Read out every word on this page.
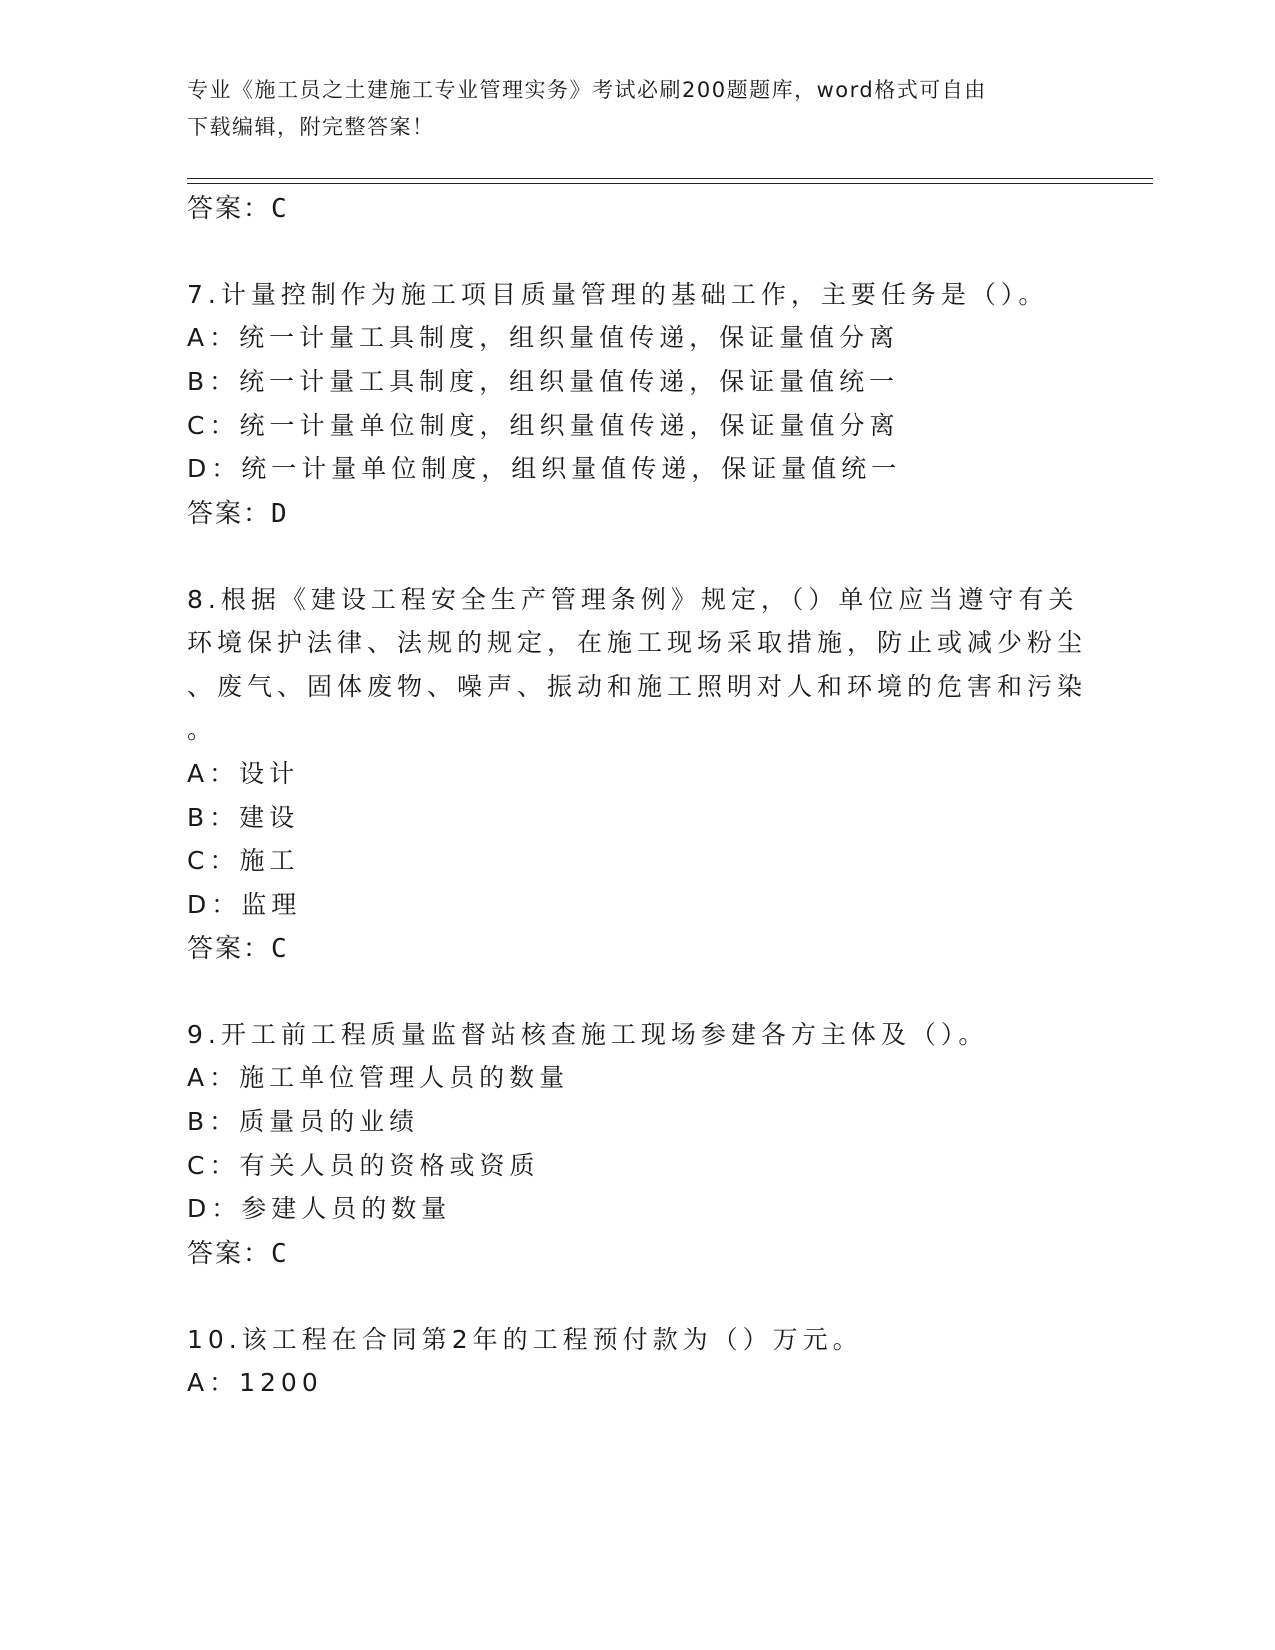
专业《施工员之土建施工专业管理实务》考试必刷200题题库，word格式可自由
下载编辑，附完整答案！
答案：C
7.计量控制作为施工项目质量管理的基础工作，主要任务是（）。
A：统一计量工具制度，组织量值传递，保证量值分离
B：统一计量工具制度，组织量值传递，保证量值统一
C：统一计量单位制度，组织量值传递，保证量值分离
D：统一计量单位制度，组织量值传递，保证量值统一
答案：D
8.根据《建设工程安全生产管理条例》规定，（）单位应当遵守有关
环境保护法律、法规的规定，在施工现场采取措施，防止或减少粉尘
、废气、固体废物、噪声、振动和施工照明对人和环境的危害和污染
。
A：设计
B：建设
C：施工
D：监理
答案：C
9.开工前工程质量监督站核查施工现场参建各方主体及（）。
A：施工单位管理人员的数量
B：质量员的业绩
C：有关人员的资格或资质
D：参建人员的数量
答案：C
10.该工程在合同第2年的工程预付款为（）万元。
A：1200
